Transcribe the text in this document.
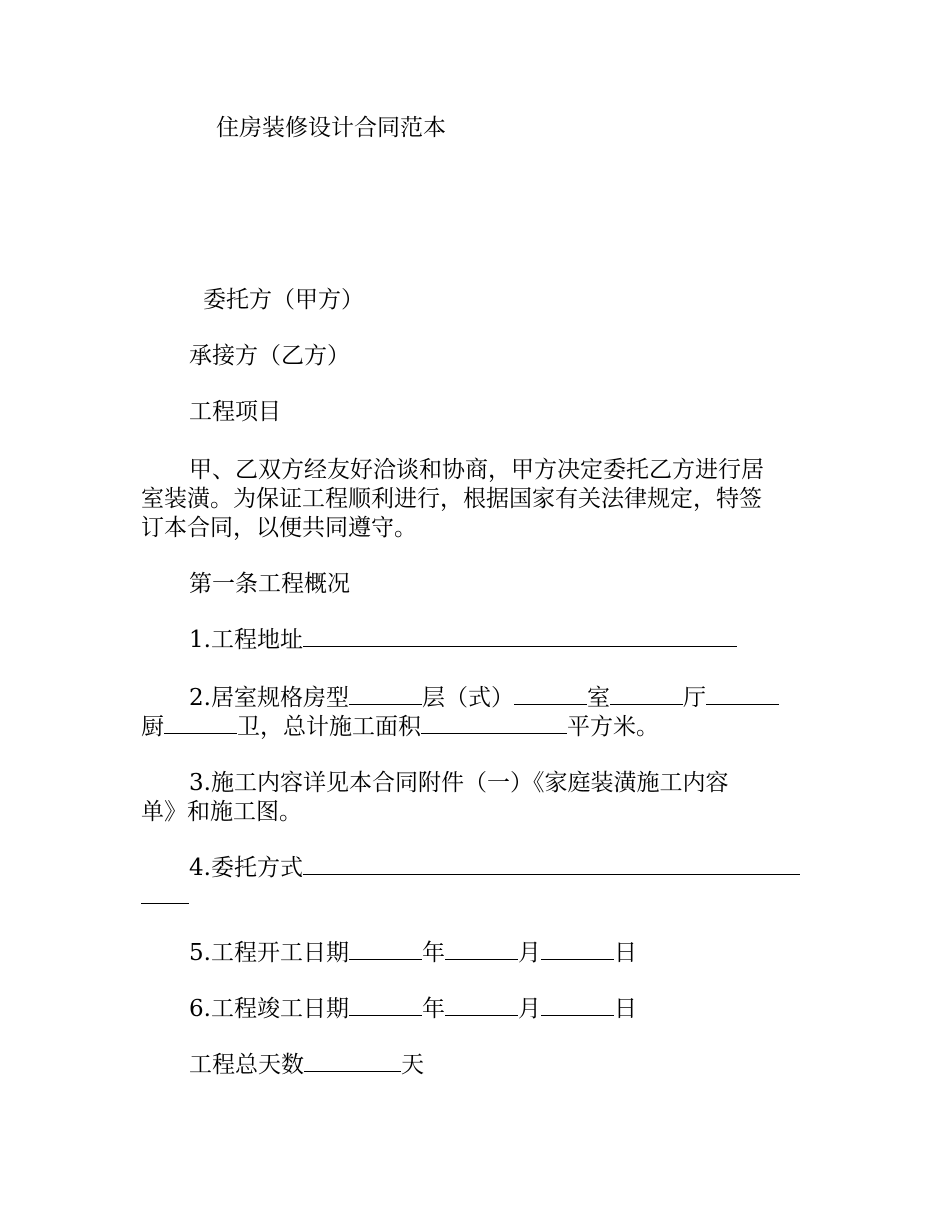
住房装修设计合同范本
委托方（甲方）
承接方（乙方）
工程项目
甲、乙双方经友好洽谈和协商，甲方决定委托乙方进行居
室装潢。为保证工程顺利进行，根据国家有关法律规定，特签
订本合同，以便共同遵守。
第一条工程概况
1.工程地址
2.居室规格房型	层（式）	室	厅
厨	卫，总计施工面积	平方米。
3.施工内容详见本合同附件（一）《家庭装潢施工内容
单》和施工图。
4.委托方式
5.工程开工日期	年	月	日
6.工程竣工日期	年	月	日
工程总天数	天
